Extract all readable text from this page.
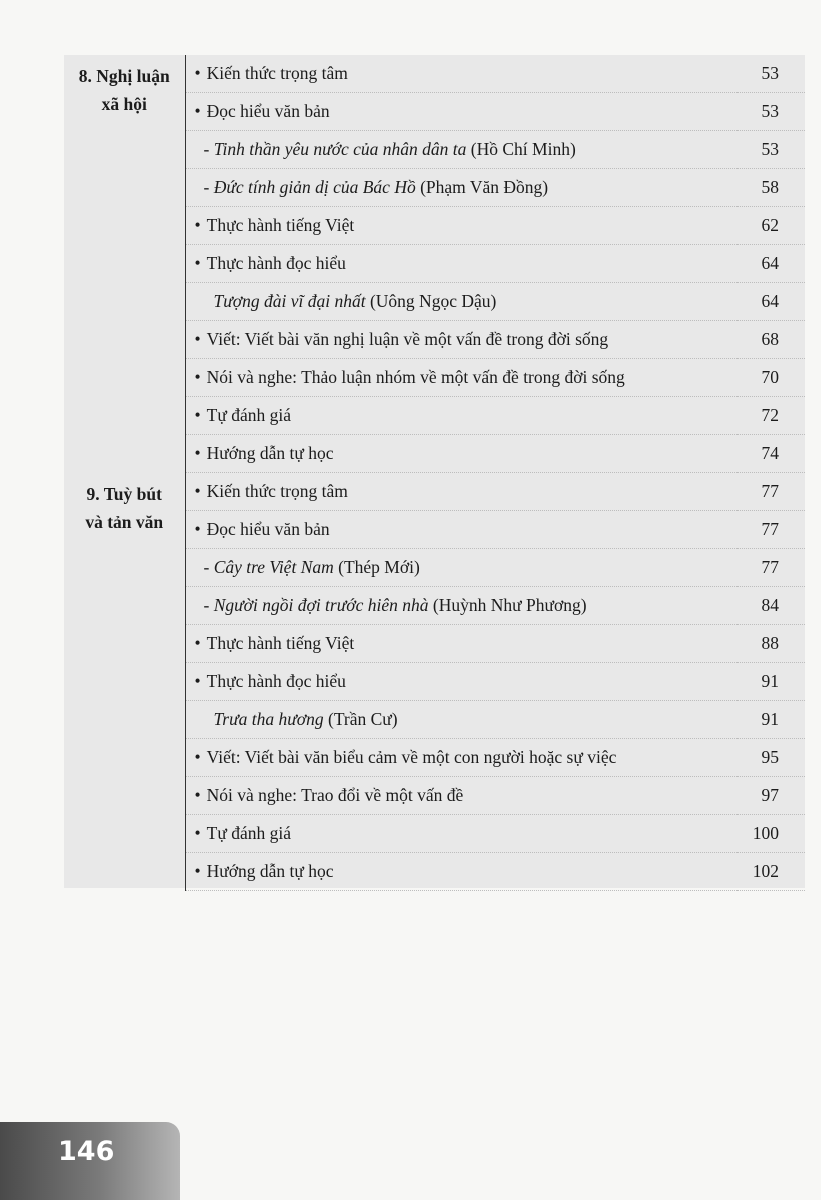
8. Nghị luận
xã hội	• Kiến thức trọng tâm	53
	• Đọc hiểu văn bản	53
	- Tinh thần yêu nước của nhân dân ta (Hồ Chí Minh)	53
	- Đức tính giản dị của Bác Hồ (Phạm Văn Đồng)	58
	• Thực hành tiếng Việt	62
	• Thực hành đọc hiểu	64
	Tượng đài vĩ đại nhất (Uông Ngọc Dậu)	64
	• Viết: Viết bài văn nghị luận về một vấn đề trong đời sống	68
	• Nói và nghe: Thảo luận nhóm về một vấn đề trong đời sống	70
	• Tự đánh giá	72
	• Hướng dẫn tự học	74

9. Tuỳ bút
và tản văn	• Kiến thức trọng tâm	77
	• Đọc hiểu văn bản	77
	- Cây tre Việt Nam (Thép Mới)	77
	- Người ngồi đợi trước hiên nhà (Huỳnh Như Phương)	84
	• Thực hành tiếng Việt	88
	• Thực hành đọc hiểu	91
	Trưa tha hương (Trần Cư)	91
	• Viết: Viết bài văn biểu cảm về một con người hoặc sự việc	95
	• Nói và nghe: Trao đổi về một vấn đề	97
	• Tự đánh giá	100
	• Hướng dẫn tự học	102
146
